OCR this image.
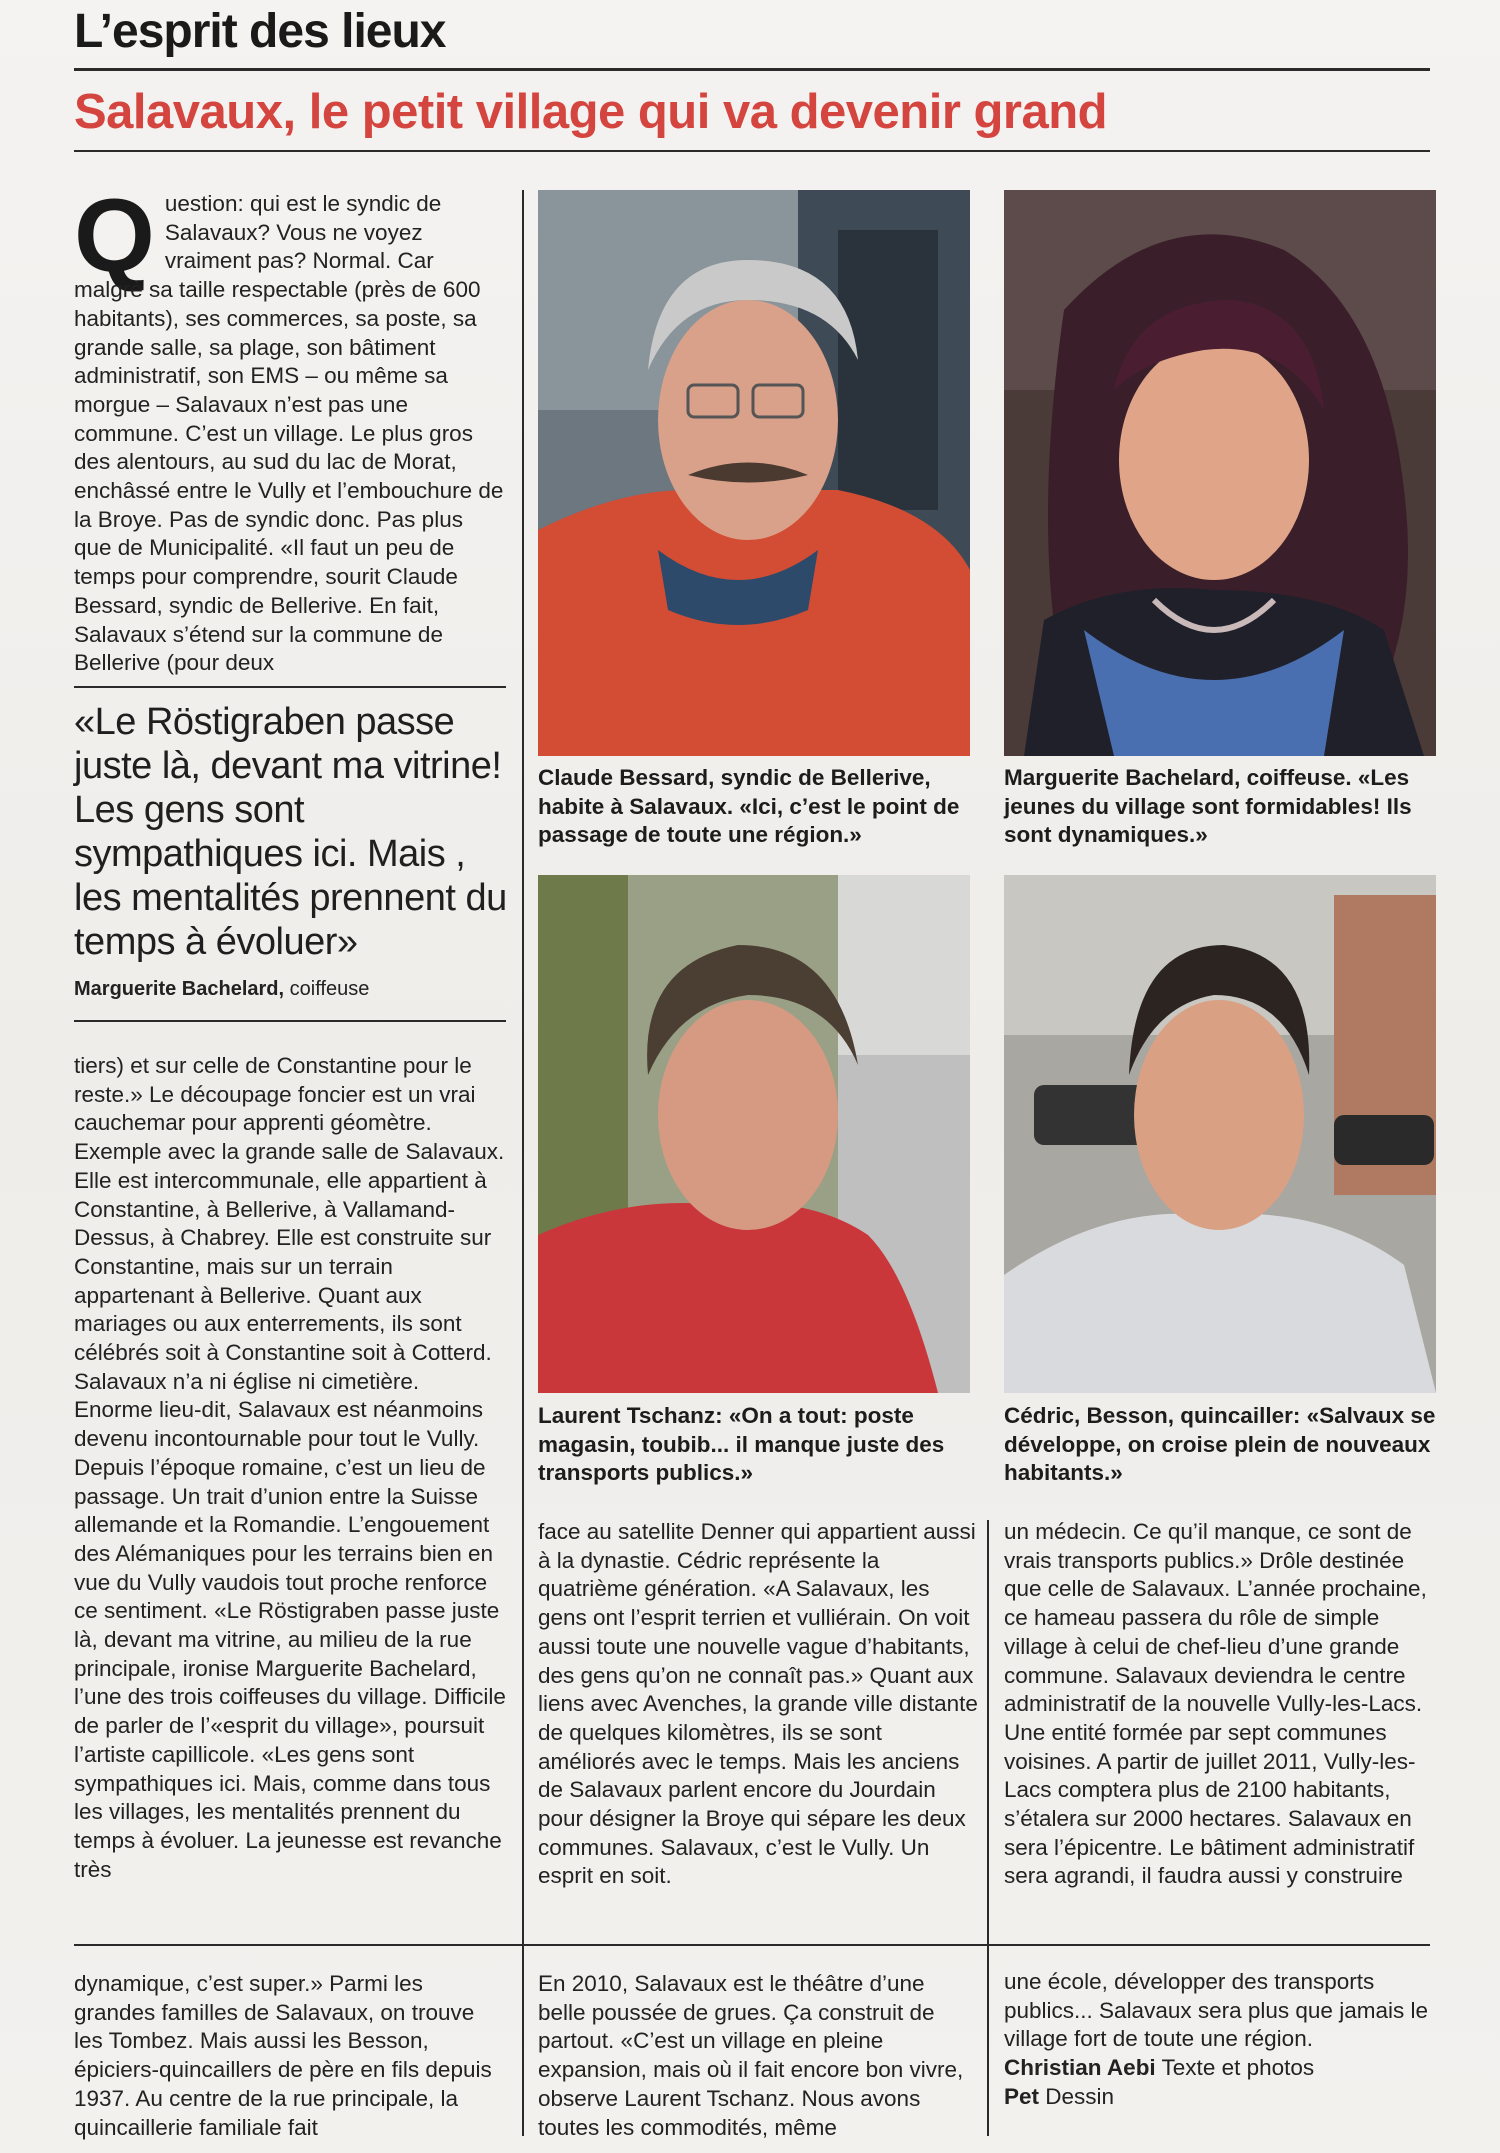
L’esprit des lieux
Salavaux, le petit village qui va devenir grand
Question: qui est le syndic de Salavaux? Vous ne voyez vraiment pas? Normal. Car malgré sa taille respectable (près de 600 habitants), ses commerces, sa poste, sa grande salle, sa plage, son bâtiment administratif, son EMS – ou même sa morgue – Salavaux n’est pas une commune. C’est un village. Le plus gros des alentours, au sud du lac de Morat, enchâssé entre le Vully et l’embouchure de la Broye. Pas de syndic donc. Pas plus que de Municipalité. «Il faut un peu de temps pour comprendre, sourit Claude Bessard, syndic de Bellerive. En fait, Salavaux s’étend sur la commune de Bellerive (pour deux
«Le Röstigraben passe juste là, devant ma vitrine! Les gens sont sympathiques ici. Mais , les mentalités prennent du temps à évoluer»
Marguerite Bachelard, coiffeuse

tiers) et sur celle de Constantine pour le reste.» Le découpage foncier est un vrai cauchemar pour apprenti géomètre. Exemple avec la grande salle de Salavaux. Elle est intercommunale, elle appartient à Constantine, à Bellerive, à Vallamand-Dessus, à Chabrey. Elle est construite sur Constantine, mais sur un terrain appartenant à Bellerive. Quant aux mariages ou aux enterrements, ils sont célébrés soit à Constantine soit à Cotterd. Salavaux n’a ni église ni cimetière.

Enorme lieu-dit, Salavaux est néanmoins devenu incontournable pour tout le Vully. Depuis l’époque romaine, c’est un lieu de passage. Un trait d’union entre la Suisse allemande et la Romandie. L’engouement des Alémaniques pour les terrains bien en vue du Vully vaudois tout proche renforce ce sentiment. «Le Röstigraben passe juste là, devant ma vitrine, au milieu de la rue principale, ironise Marguerite Bachelard, l’une des trois coiffeuses du village. Difficile de parler de l’«esprit du village», poursuit l’artiste capillicole. «Les gens sont sympathiques ici. Mais, comme dans tous les villages, les mentalités prennent du temps à évoluer. La jeunesse est revanche très

dynamique, c’est super.» Parmi les grandes familles de Salavaux, on trouve les Tombez. Mais aussi les Besson, épiciers-quincaillers de père en fils depuis 1937. Au centre de la rue principale, la quincaillerie familiale fait
Claude Bessard, syndic de Bellerive, habite à Salavaux. «Ici, c’est le point de passage de toute une région.»
Marguerite Bachelard, coiffeuse. «Les jeunes du village sont formidables! Ils sont dynamiques.»
Laurent Tschanz: «On a tout: poste magasin, toubib... il manque juste des transports publics.»
Cédric, Besson, quincailler: «Salvaux se développe, on croise plein de nouveaux habitants.»
face au satellite Denner qui appartient aussi à la dynastie. Cédric représente la quatrième génération. «A Salavaux, les gens ont l’esprit terrien et vulliérain. On voit aussi toute une nouvelle vague d’habitants, des gens qu’on ne connaît pas.» Quant aux liens avec Avenches, la grande ville distante de quelques kilomètres, ils se sont améliorés avec le temps. Mais les anciens de Salavaux parlent encore du Jourdain pour désigner la Broye qui sépare les deux communes. Salavaux, c’est le Vully. Un esprit en soit.
un médecin. Ce qu’il manque, ce sont de vrais transports publics.» Drôle destinée que celle de Salavaux. L’année prochaine, ce hameau passera du rôle de simple village à celui de chef-lieu d’une grande commune. Salavaux deviendra le centre administratif de la nouvelle Vully-les-Lacs. Une entité formée par sept communes voisines. A partir de juillet 2011, Vully-les-Lacs comptera plus de 2100 habitants, s’étalera sur 2000 hectares. Salavaux en sera l’épicentre. Le bâtiment administratif sera agrandi, il faudra aussi y construire
En 2010, Salavaux est le théâtre d’une belle poussée de grues. Ça construit de partout. «C’est un village en pleine expansion, mais où il fait encore bon vivre, observe Laurent Tschanz. Nous avons toutes les commodités, même

une école, développer des transports publics... Salavaux sera plus que jamais le village fort de toute une région.

Christian Aebi Texte et photos

Pet Dessin
